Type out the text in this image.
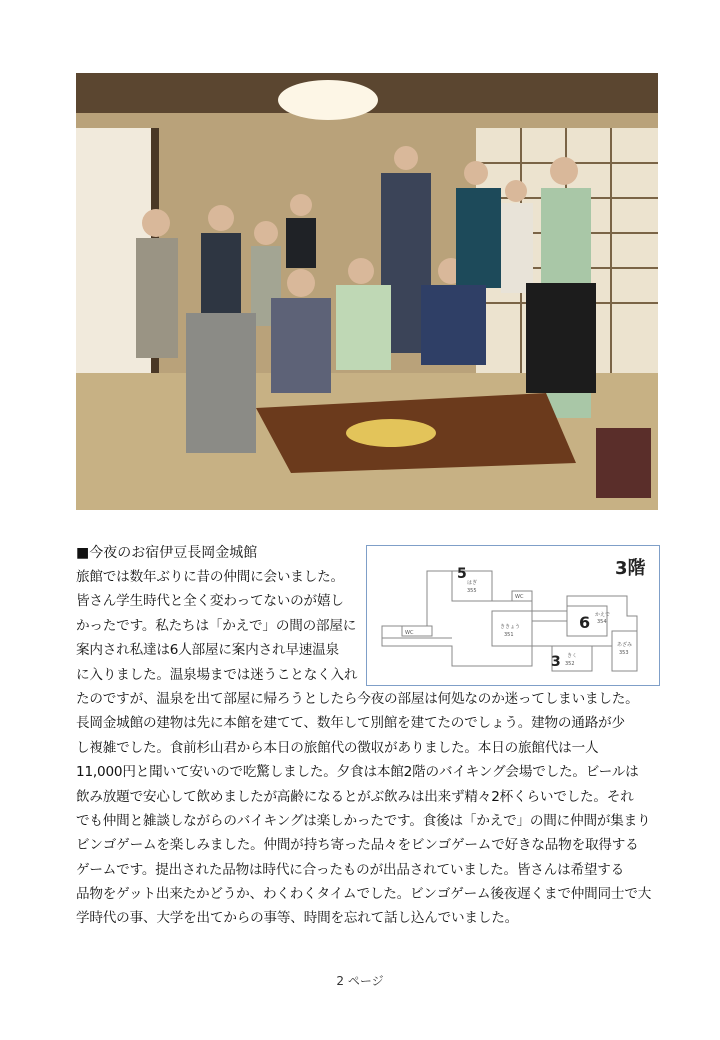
■今夜のお宿伊豆長岡金城館
旅館では数年ぶりに昔の仲間に会いました。
皆さん学生時代と全く変わってないのが嬉し
かったです。私たちは「かえで」の間の部屋に
案内され私達は6人部屋に案内され早速温泉
に入りました。温泉場までは迷うことなく入れ
たのですが、温泉を出て部屋に帰ろうとしたら今夜の部屋は何処なのか迷ってしまいました。
長岡金城館の建物は先に本館を建てて、数年して別館を建てたのでしょう。建物の通路が少
し複雑でした。食前杉山君から本日の旅館代の徴収がありました。本日の旅館代は一人
11,000円と聞いて安いので吃驚しました。夕食は本館2階のバイキング会場でした。ビールは
飲み放題で安心して飲めましたが高齢になるとがぶ飲みは出来ず精々2杯くらいでした。それ
でも仲間と雑談しながらのバイキングは楽しかったです。食後は「かえで」の間に仲間が集まり
ビンゴゲームを楽しみました。仲間が持ち寄った品々をビンゴゲームで好きな品物を取得する
ゲームです。提出された品物は時代に合ったものが出品されていました。皆さんは希望する
品物をゲット出来たかどうか、わくわくタイムでした。ビンゴゲーム後夜遅くまで仲間同士で大
学時代の事、大学を出てからの事等、時間を忘れて話し込んでいました。
3階
5
はぎ
355
ききょう
351
6 かえで
354
あざみ
353
3 きく
352
WC
WC
2 ページ
